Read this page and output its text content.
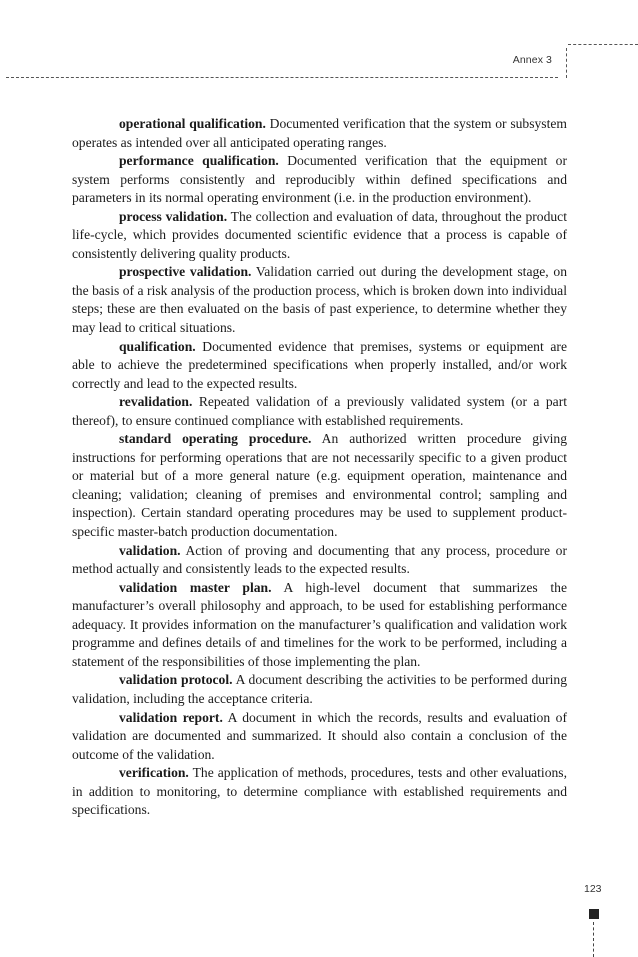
Annex 3

operational qualification. Documented verification that the system or subsystem operates as intended over all anticipated operating ranges.

performance qualification. Documented verification that the equipment or system performs consistently and reproducibly within defined specifications and parameters in its normal operating environment (i.e. in the production environment).

process validation. The collection and evaluation of data, throughout the product life-cycle, which provides documented scientific evidence that a process is capable of consistently delivering quality products.

prospective validation. Validation carried out during the development stage, on the basis of a risk analysis of the production process, which is broken down into individual steps; these are then evaluated on the basis of past experience, to determine whether they may lead to critical situations.

qualification. Documented evidence that premises, systems or equipment are able to achieve the predetermined specifications when properly installed, and/or work correctly and lead to the expected results.

revalidation. Repeated validation of a previously validated system (or a part thereof), to ensure continued compliance with established requirements.

standard operating procedure. An authorized written procedure giving instructions for performing operations that are not necessarily specific to a given product or material but of a more general nature (e.g. equipment operation, maintenance and cleaning; validation; cleaning of premises and environmental control; sampling and inspection). Certain standard operating procedures may be used to supplement product-specific master-batch production documentation.

validation. Action of proving and documenting that any process, procedure or method actually and consistently leads to the expected results.

validation master plan. A high-level document that summarizes the manufacturer’s overall philosophy and approach, to be used for establishing performance adequacy. It provides information on the manufacturer’s qualification and validation work programme and defines details of and timelines for the work to be performed, including a statement of the responsibilities of those implementing the plan.

validation protocol. A document describing the activities to be performed during validation, including the acceptance criteria.

validation report. A document in which the records, results and evaluation of validation are documented and summarized. It should also contain a conclusion of the outcome of the validation.

verification. The application of methods, procedures, tests and other evaluations, in addition to monitoring, to determine compliance with established requirements and specifications.

123
